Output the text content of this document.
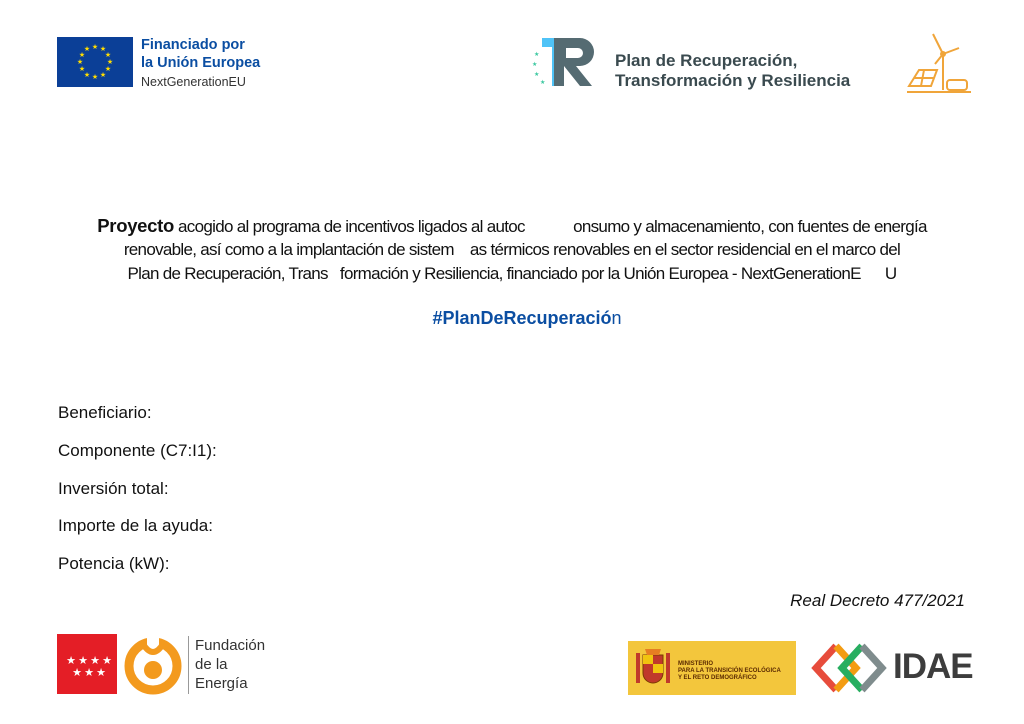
★ ★
★
★
★
★
★
★
★
★
★
★	Financiado por
la Unión Europea
NextGenerationEU
★
★
★
★
Plan de Recuperación,
Transformación y Resiliencia
Proyecto acogido al programa de incentivos ligados al autoc            onsumo y almacenamiento, con fuentes de energía
renovable, así como a la implantación de sistem    as térmicos renovables en el sector residencial en el marco del
Plan de Recuperación, Trans   formación y Resiliencia, financiado por la Unión Europea - NextGenerationE      U
#PlanDeRecuperación
Beneficiario:
Componente (C7:I1):
Inversión total:
Importe de la ayuda:
Potencia (kW):
Real Decreto 477/2021
★ ★ ★ ★
★ ★ ★
Fundación
de la
Energía
MINISTERIO
PARA LA TRANSICIÓN ECOLÓGICA
Y EL RETO DEMOGRÁFICO	IDAE
